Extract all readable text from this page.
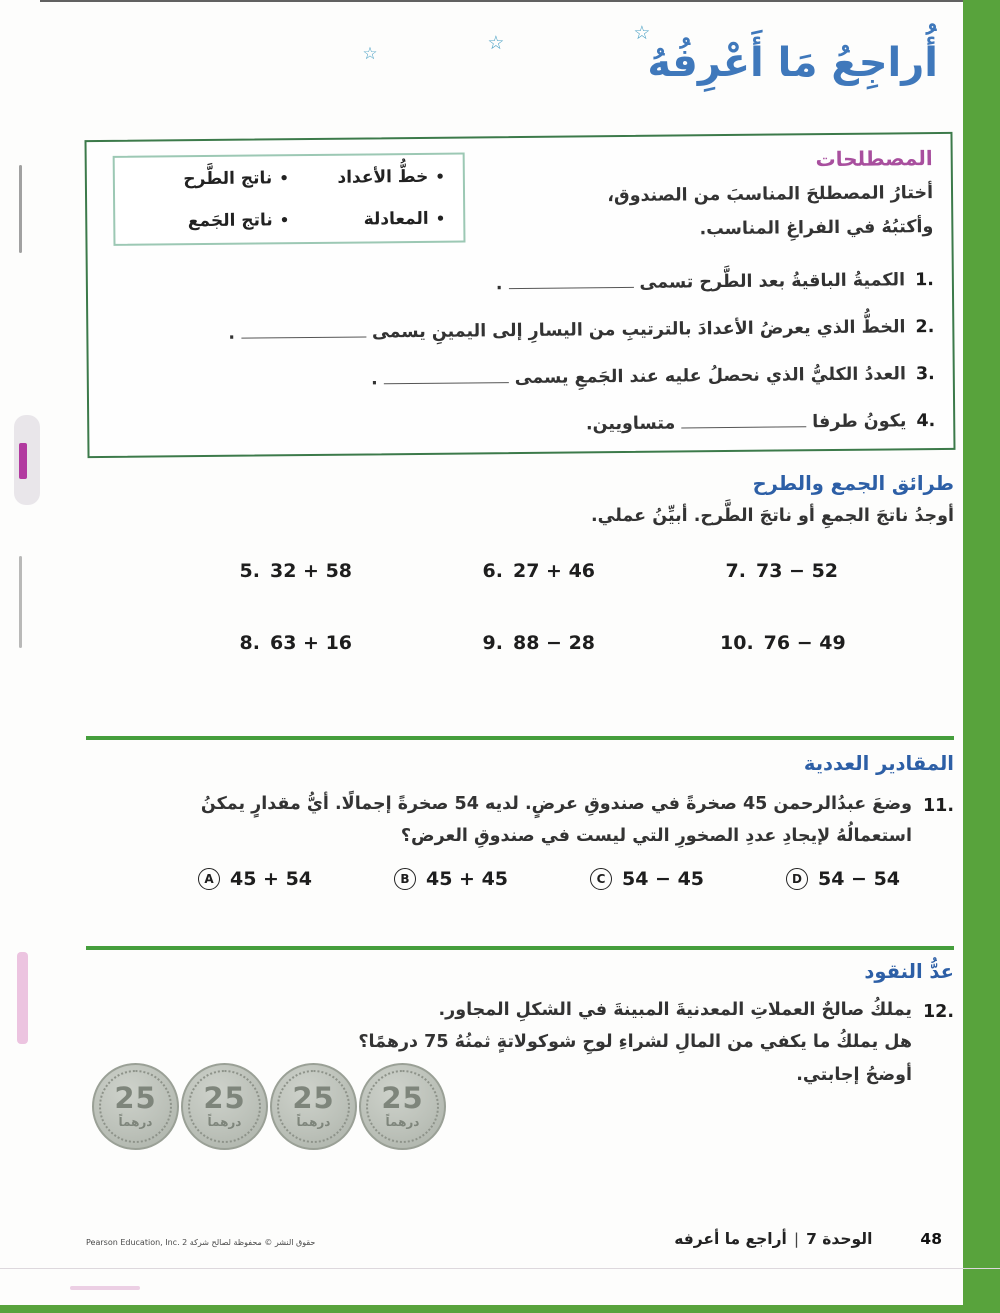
☆	☆	☆
أُراجِعُ مَا أَعْرِفُهُ
المصطلحات
أختارُ المصطلحَ المناسبَ من الصندوق،
وأكتبُهُ في الفراغِ المناسب.
•خطُّ الأعداد
•المعادلة
•ناتج الطَّرح
•ناتج الجَمع
1.الكميةُ الباقيةُ بعد الطَّرح تسمى.
2.الخطُّ الذي يعرضُ الأعدادَ بالترتيبِ من اليسارِ إلى اليمينِ يسمى.
3.العددُ الكليُّ الذي نحصلُ عليه عند الجَمعِ يسمى.
4.يكونُ طرفامتساويين.
طرائق الجمع والطرح
أوجدُ ناتجَ الجمعِ أو ناتجَ الطَّرح. أبيِّنُ عملي.
5. 32 + 58	6. 27 + 46	7. 73 − 52
8. 63 + 16	9. 88 − 28	10. 76 − 49
المقادير العددية
11.
وضعَ عبدُالرحمن 45 صخرةً في صندوقِ عرضٍ. لديه 54 صخرةً إجمالًا. أيُّ مقدارٍ يمكنُ
استعمالُهُ لإيجادِ عددِ الصخورِ التي ليست في صندوقِ العرض؟
A 45 + 54	B 45 + 45	C 54 − 45	D 54 − 54
عدُّ النقود
12.
يملكُ صالحٌ العملاتِ المعدنيةَ المبينةَ في الشكلِ المجاور.
هل يملكُ ما يكفي من المالِ لشراءِ لوحِ شوكولاتةٍ ثمنُهُ 75 درهمًا؟
أوضحُ إجابتي.
25
درهماً
25
درهماً
25
درهماً
25
درهماً
حقوق النشر © محفوظة لصالح شركة Pearson Education, Inc. 2	الوحدة 7
|
أراجع ما أعرفه	48
